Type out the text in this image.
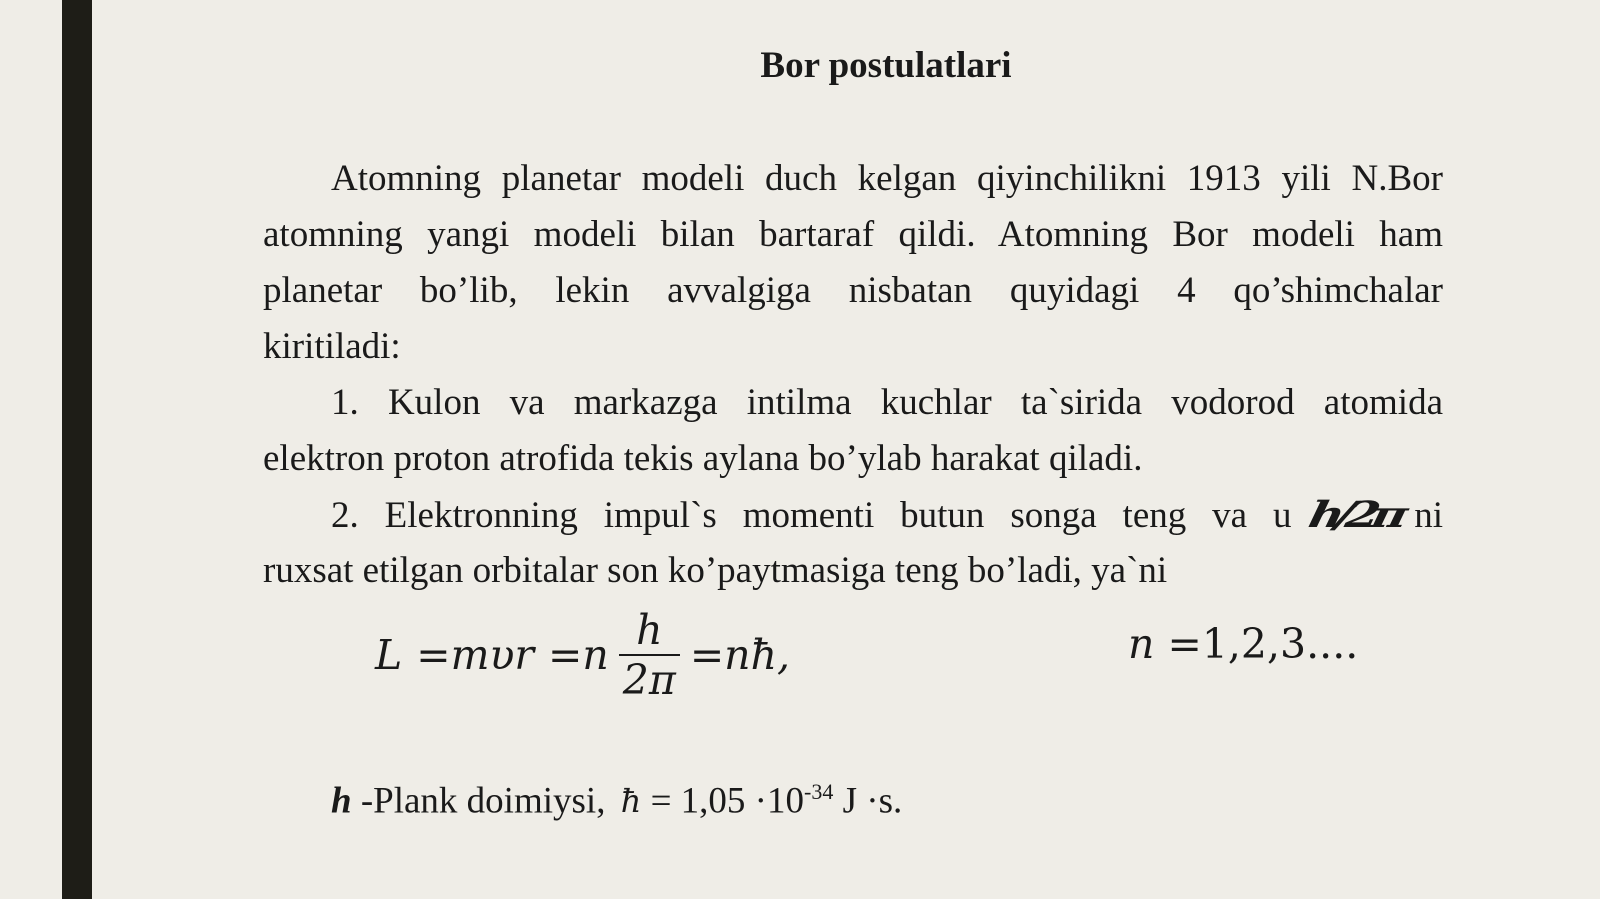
Bor postulatlari

Atomning planetar modeli duch kelgan qiyinchilikni 1913 yili N.Bor

atomning yangi modeli bilan bartaraf qildi. Atomning Bor modeli ham

planetar bo’lib, lekin avvalgiga nisbatan quyidagi 4 qo’shimchalar

kiritiladi:

1. Kulon va markazga intilma kuchlar ta`sirida vodorod atomida

elektron proton atrofida tekis aylana bo’ylab harakat qiladi.

2. Elektronning impul`s momenti butun songa teng va u h/2π ni

ruxsat etilgan orbitalar son ko’paytmasiga teng bo’ladi, ya`ni

L = mυr = n $\frac{h}{2\pi}$ = nħ,	n =1,2,3....
h -Plank doimiysi, ħ = $1,05 \cdot 10^{-34}$ J ·s.
